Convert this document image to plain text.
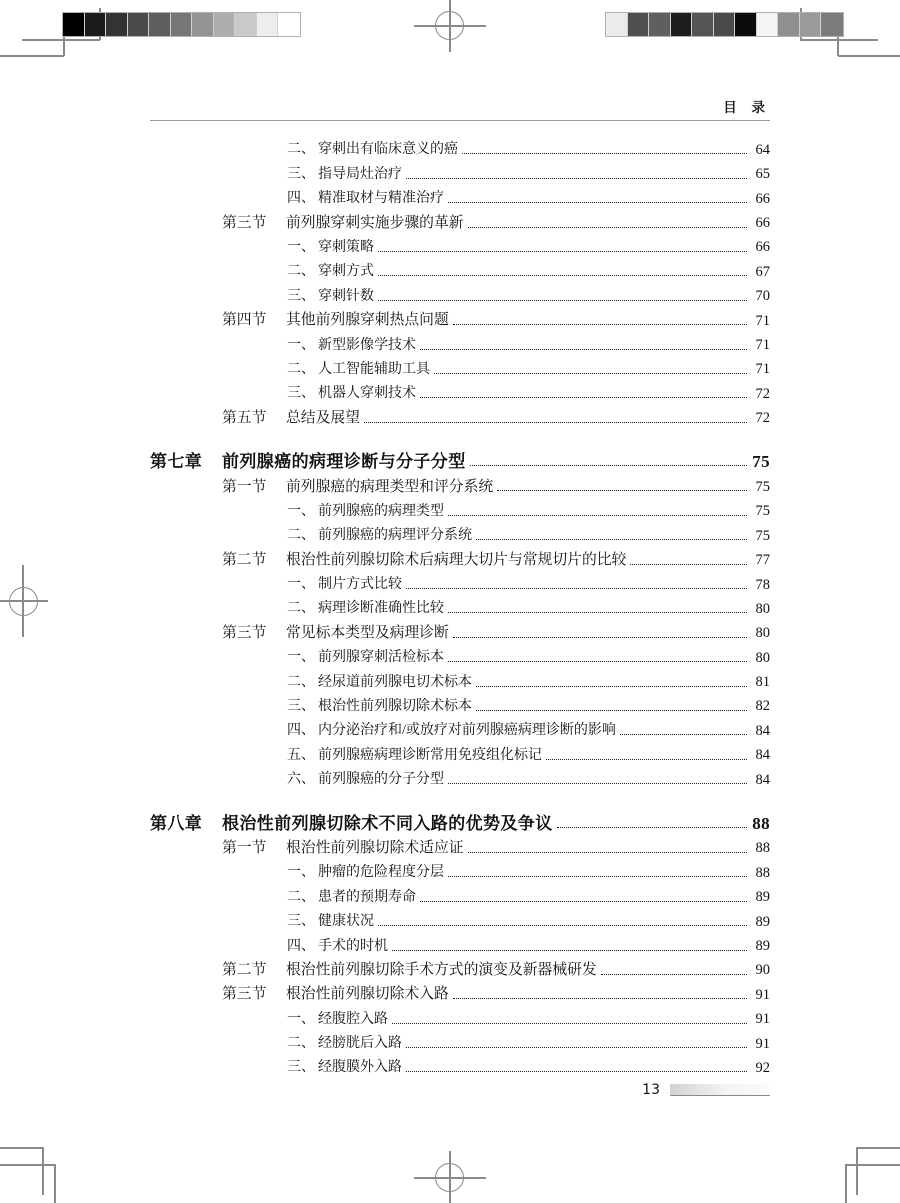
目 录
二、 穿刺出有临床意义的癌	64
三、 指导局灶治疗	65
四、 精准取材与精准治疗	66
第三节 前列腺穿刺实施步骤的革新	66
一、 穿刺策略	66
二、 穿刺方式	67
三、 穿刺针数	70
第四节 其他前列腺穿刺热点问题	71
一、 新型影像学技术	71
二、 人工智能辅助工具	71
三、 机器人穿刺技术	72
第五节 总结及展望	72
第七章 前列腺癌的病理诊断与分子分型	75
第一节 前列腺癌的病理类型和评分系统	75
一、 前列腺癌的病理类型	75
二、 前列腺癌的病理评分系统	75
第二节 根治性前列腺切除术后病理大切片与常规切片的比较	77
一、 制片方式比较	78
二、 病理诊断准确性比较	80
第三节 常见标本类型及病理诊断	80
一、 前列腺穿刺活检标本	80
二、 经尿道前列腺电切术标本	81
三、 根治性前列腺切除术标本	82
四、 内分泌治疗和/或放疗对前列腺癌病理诊断的影响	84
五、 前列腺癌病理诊断常用免疫组化标记	84
六、 前列腺癌的分子分型	84
第八章 根治性前列腺切除术不同入路的优势及争议	88
第一节 根治性前列腺切除术适应证	88
一、 肿瘤的危险程度分层	88
二、 患者的预期寿命	89
三、 健康状况	89
四、 手术的时机	89
第二节 根治性前列腺切除手术方式的演变及新器械研发	90
第三节 根治性前列腺切除术入路	91
一、 经腹腔入路	91
二、 经膀胱后入路	91
三、 经腹膜外入路	92
13
